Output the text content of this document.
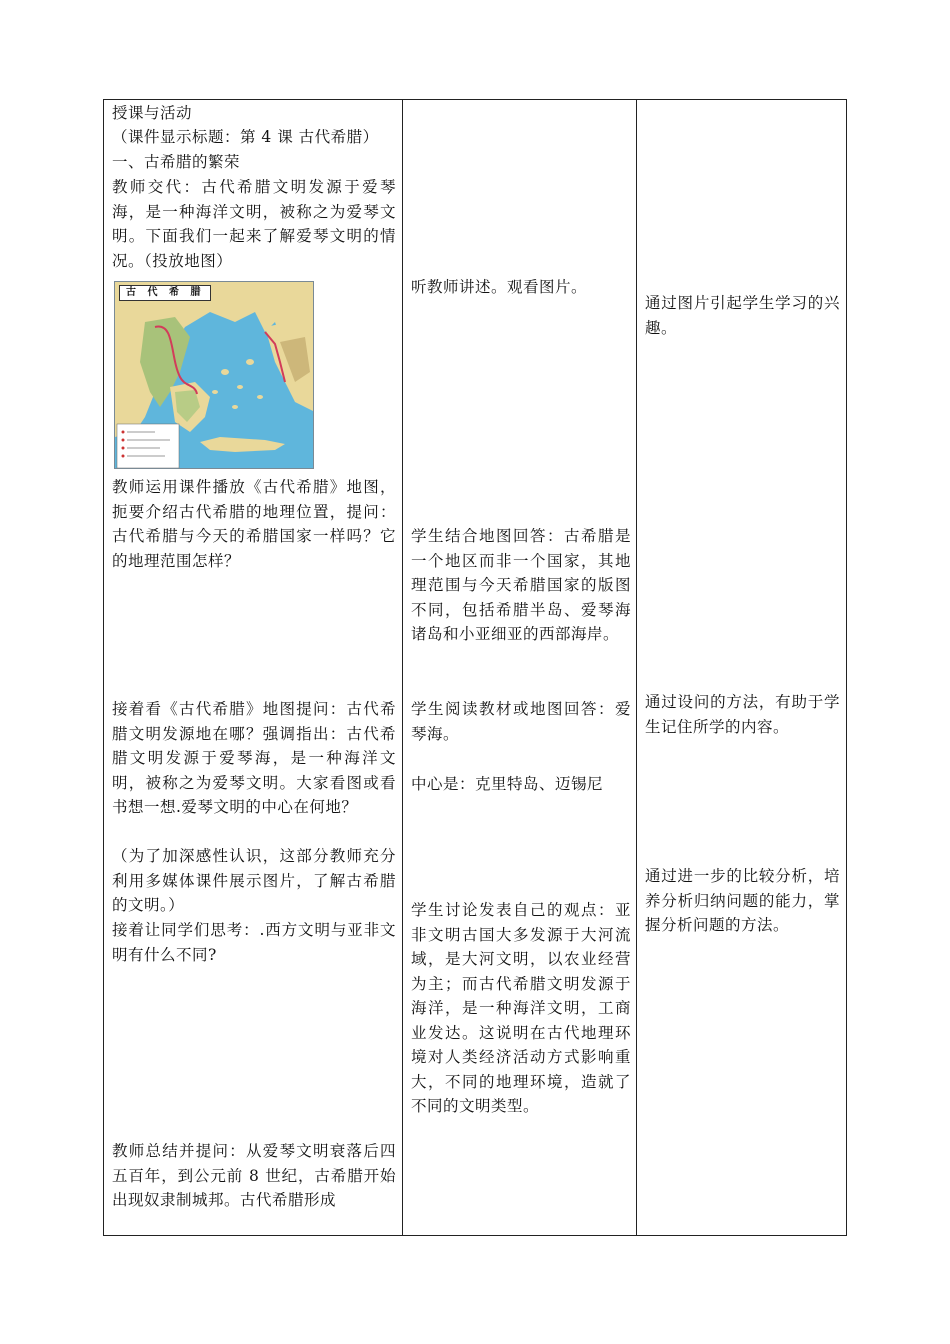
授课与活动
（课件显示标题：第 4 课 古代希腊）
一、古希腊的繁荣
教师交代：古代希腊文明发源于爱琴海，是一种海洋文明，被称之为爱琴文明。下面我们一起来了解爱琴文明的情况。（投放地图）
古 代 希 腊
教师运用课件播放《古代希腊》地图，扼要介绍古代希腊的地理位置，提问：古代希腊与今天的希腊国家一样吗？它的地理范围怎样？
接着看《古代希腊》地图提问：古代希腊文明发源地在哪？强调指出：古代希腊文明发源于爱琴海，是一种海洋文明，被称之为爱琴文明。大家看图或看书想一想.爱琴文明的中心在何地？
（为了加深感性认识，这部分教师充分利用多媒体课件展示图片，了解古希腊的文明。）
接着让同学们思考：.西方文明与亚非文明有什么不同?
教师总结并提问：从爱琴文明衰落后四五百年，到公元前 8 世纪，古希腊开始出现奴隶制城邦。古代希腊形成
听教师讲述。观看图片。
学生结合地图回答：古希腊是一个地区而非一个国家，其地理范围与今天希腊国家的版图不同，包括希腊半岛、爱琴海诸岛和小亚细亚的西部海岸。
学生阅读教材或地图回答：爱琴海。
中心是：克里特岛、迈锡尼
学生讨论发表自己的观点：亚非文明古国大多发源于大河流域，是大河文明，以农业经营为主；而古代希腊文明发源于海洋，是一种海洋文明，工商业发达。这说明在古代地理环境对人类经济活动方式影响重大，不同的地理环境，造就了不同的文明类型。
通过图片引起学生学习的兴趣。
通过设问的方法，有助于学生记住所学的内容。
通过进一步的比较分析，培养分析归纳问题的能力，掌握分析问题的方法。
